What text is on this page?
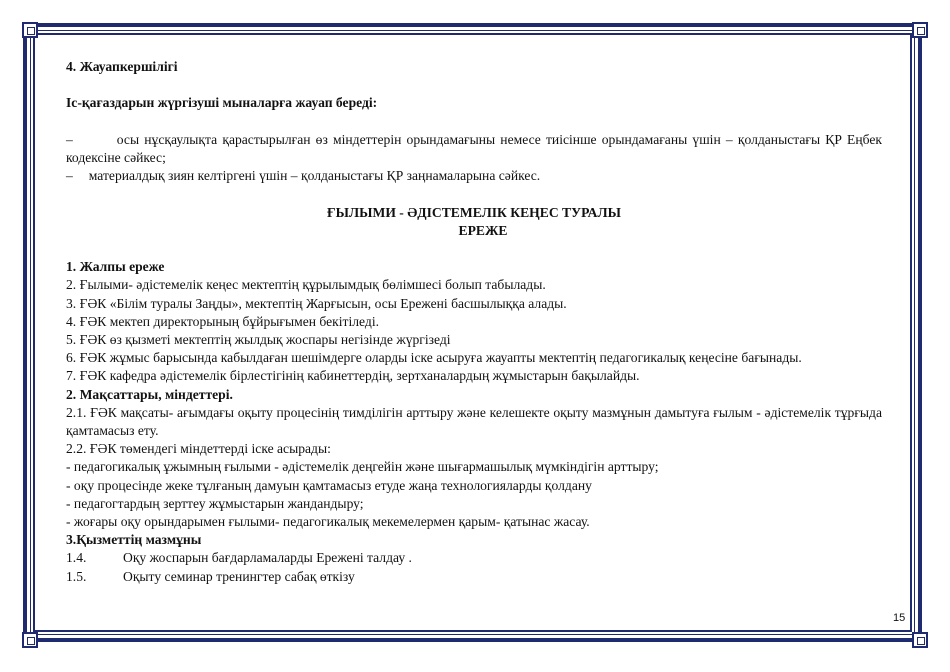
4. Жауапкершілігі

Іс-қағаздарын жүргізуші мыналарға жауап береді:

–	осы нұсқаулықта қарастырылған өз міндеттерін орындамағыны немесе тиісінше орындамағаны үшін – қолданыстағы ҚР Еңбек кодексіне сәйкес;

– материалдық зиян келтіргені үшін – қолданыстағы ҚР заңнамаларына сәйкес.

ҒЫЛЫМИ - ӘДІСТЕМЕЛІК КЕҢЕС ТУРАЛЫ

ЕРЕЖЕ

1. Жалпы ереже

2. Ғылыми- әдістемелік кеңес мектептің құрылымдық бөлімшесі болып табылады.

3. ҒӘК «Білім туралы Заңды», мектептің Жарғысын, осы Ережені басшылыққа алады.

4. ҒӘК мектеп директорының бұйрығымен бекітіледі.

5. ҒӘК өз қызметі мектептің жылдық жоспары негізінде жүргізеді

6. ҒӘК жұмыс барысында кабылдаған шешімдерге оларды іске асыруға жауапты мектептің педагогикалық кеңесіне бағынады.

7. ҒӘК кафедра әдістемелік бірлестігінің кабинеттердің, зертханалардың жұмыстарын бақылайды.

2. Мақсаттары, міндеттері.

2.1. ҒӘК мақсаты- ағымдағы оқыту процесінің тимділігін арттыру және келешекте оқыту мазмұнын дамытуға ғылым - әдістемелік тұрғыда қамтамасыз ету.

2.2. ҒӘК төмендегі міндеттерді іске асырады:

- педагогикалық ұжымның ғылыми - әдістемелік деңгейін және шығармашылық мүмкіндігін арттыру;

- оқу процесінде жеке тұлғаның дамуын қамтамасыз етуде жаңа технологияларды қолдану

- педагогтардың зерттеу жұмыстарын жандандыру;

- жоғары оқу орындарымен ғылыми- педагогикалық мекемелермен қарым- қатынас жасау.

3.Қызметтің мазмұны

1.4.	Оқу жоспарын бағдарламаларды Ережені талдау .
1.5.	Оқыту семинар тренингтер сабақ өткізу
15
